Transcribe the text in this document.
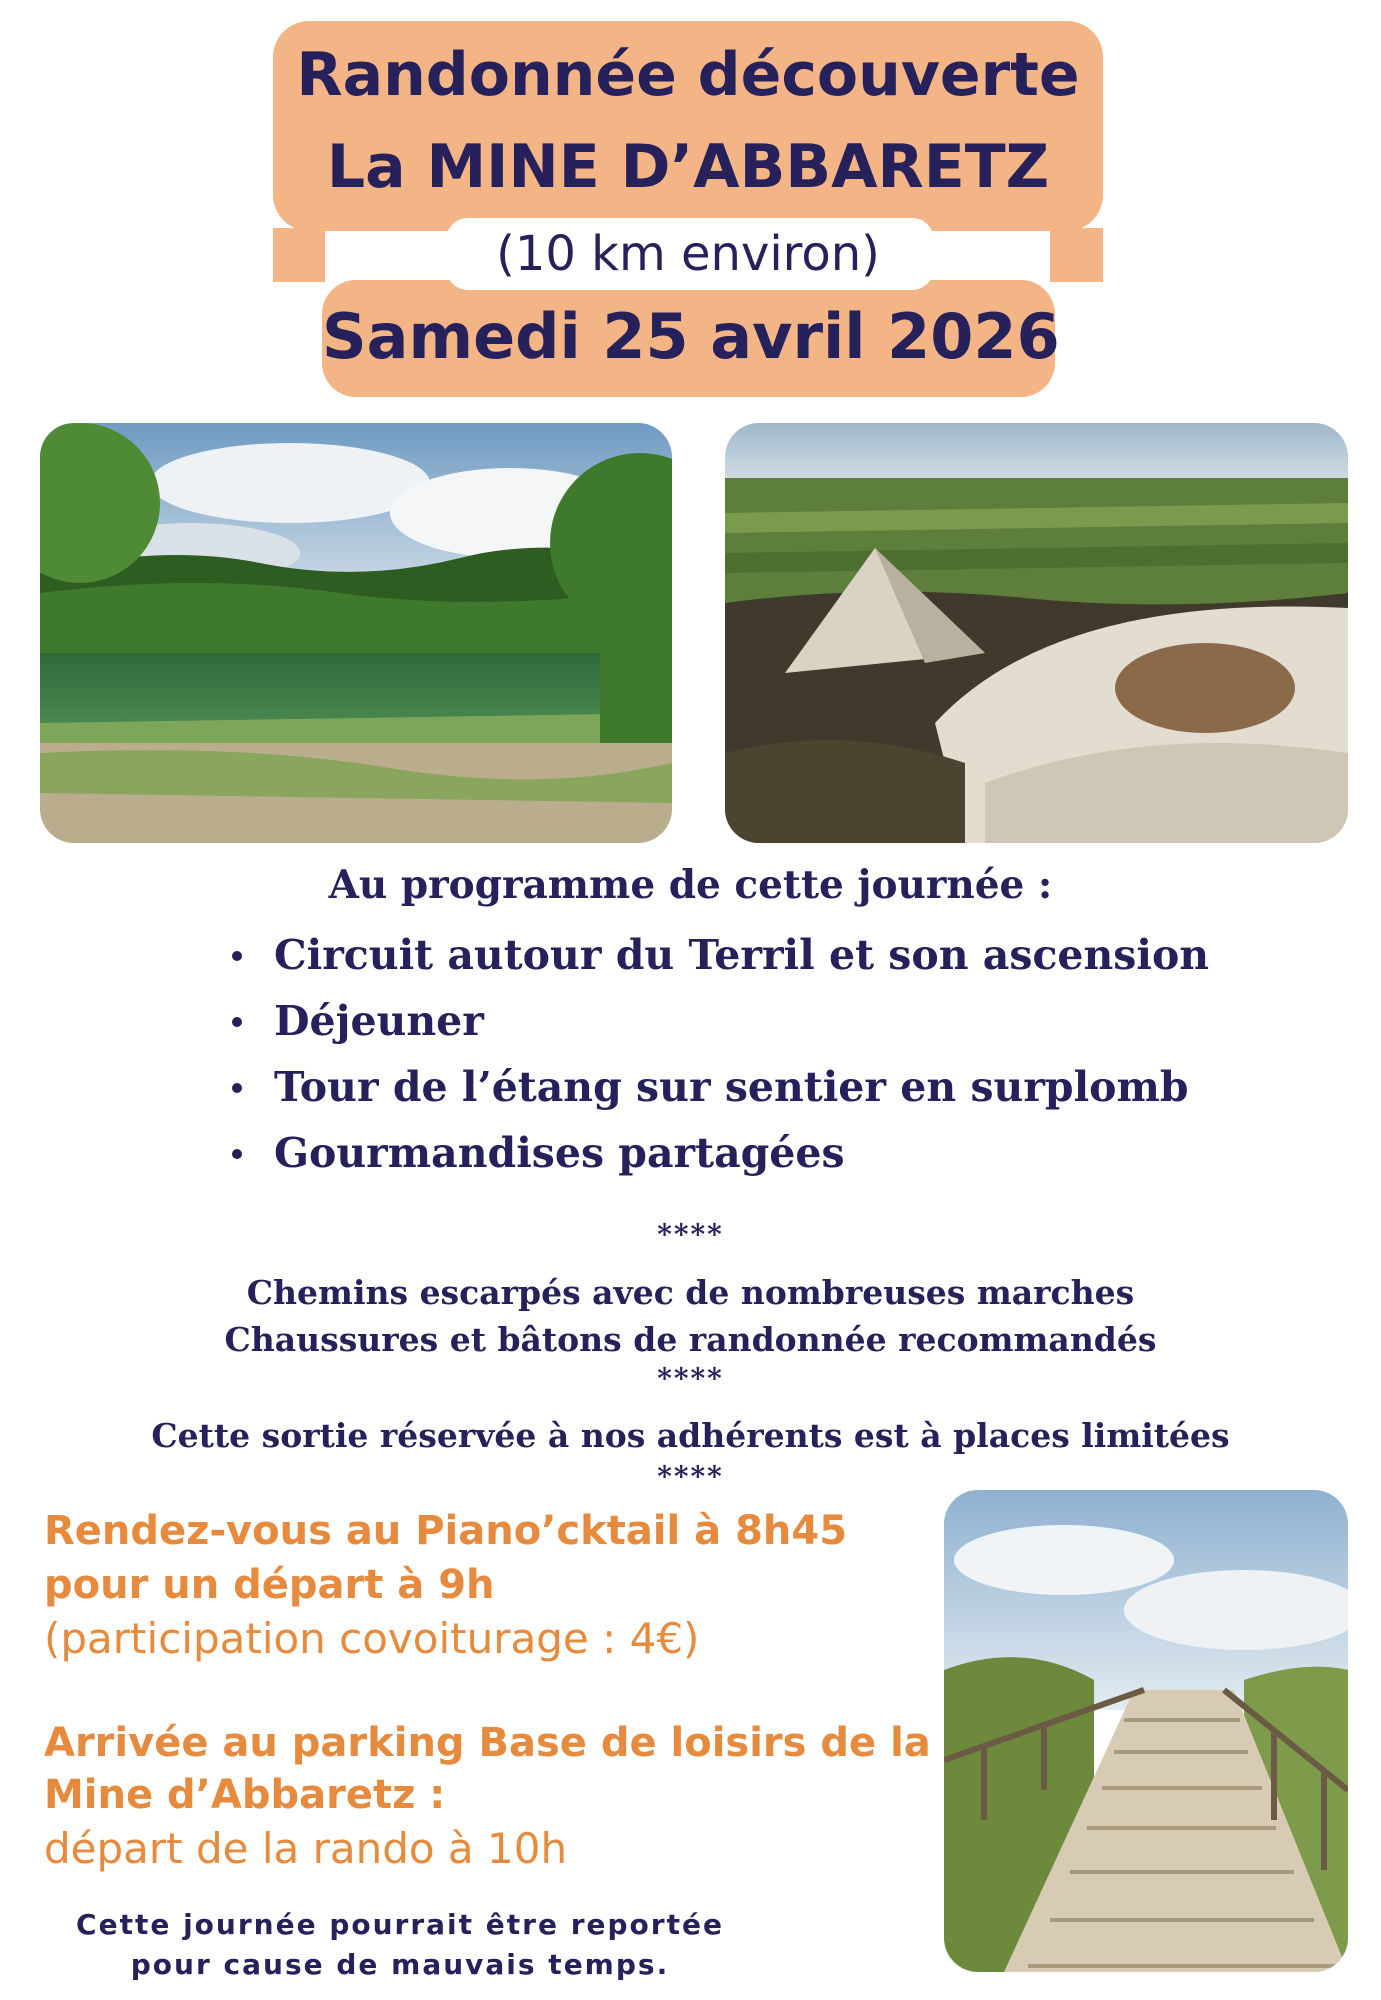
Randonnée découverte
La MINE D’ABBARETZ
(10 km environ)
Samedi 25 avril 2026
Au programme de cette journée :
Circuit autour du Terril et son ascension
Déjeuner
Tour de l’étang sur sentier en surplomb
Gourmandises partagées
****
Chemins escarpés avec de nombreuses marches
Chaussures et bâtons de randonnée recommandés
****
Cette sortie réservée à nos adhérents est à places limitées
****
Rendez-vous au Piano’cktail à 8h45
pour un départ à 9h
(participation covoiturage : 4€)
Arrivée au parking Base de loisirs de la
Mine d’Abbaretz :
départ de la rando à 10h
Cette journée pourrait être reportée
pour cause de mauvais temps.
